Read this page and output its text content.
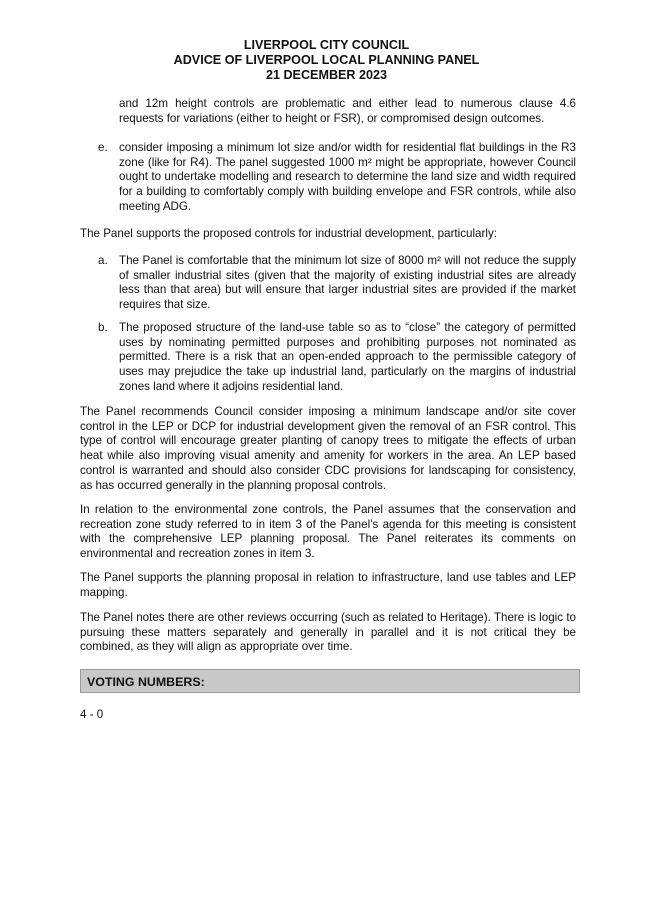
LIVERPOOL CITY COUNCIL
ADVICE OF LIVERPOOL LOCAL PLANNING PANEL
21 DECEMBER 2023
and 12m height controls are problematic and either lead to numerous clause 4.6 requests for variations (either to height or FSR), or compromised design outcomes.
e. consider imposing a minimum lot size and/or width for residential flat buildings in the R3 zone (like for R4). The panel suggested 1000 m² might be appropriate, however Council ought to undertake modelling and research to determine the land size and width required for a building to comfortably comply with building envelope and FSR controls, while also meeting ADG.
The Panel supports the proposed controls for industrial development, particularly:
a. The Panel is comfortable that the minimum lot size of 8000 m² will not reduce the supply of smaller industrial sites (given that the majority of existing industrial sites are already less than that area) but will ensure that larger industrial sites are provided if the market requires that size.
b. The proposed structure of the land-use table so as to “close” the category of permitted uses by nominating permitted purposes and prohibiting purposes not nominated as permitted. There is a risk that an open-ended approach to the permissible category of uses may prejudice the take up industrial land, particularly on the margins of industrial zones land where it adjoins residential land.
The Panel recommends Council consider imposing a minimum landscape and/or site cover control in the LEP or DCP for industrial development given the removal of an FSR control. This type of control will encourage greater planting of canopy trees to mitigate the effects of urban heat while also improving visual amenity and amenity for workers in the area. An LEP based control is warranted and should also consider CDC provisions for landscaping for consistency, as has occurred generally in the planning proposal controls.
In relation to the environmental zone controls, the Panel assumes that the conservation and recreation zone study referred to in item 3 of the Panel’s agenda for this meeting is consistent with the comprehensive LEP planning proposal. The Panel reiterates its comments on environmental and recreation zones in item 3.
The Panel supports the planning proposal in relation to infrastructure, land use tables and LEP mapping.
The Panel notes there are other reviews occurring (such as related to Heritage). There is logic to pursuing these matters separately and generally in parallel and it is not critical they be combined, as they will align as appropriate over time.
VOTING NUMBERS:
4 - 0
